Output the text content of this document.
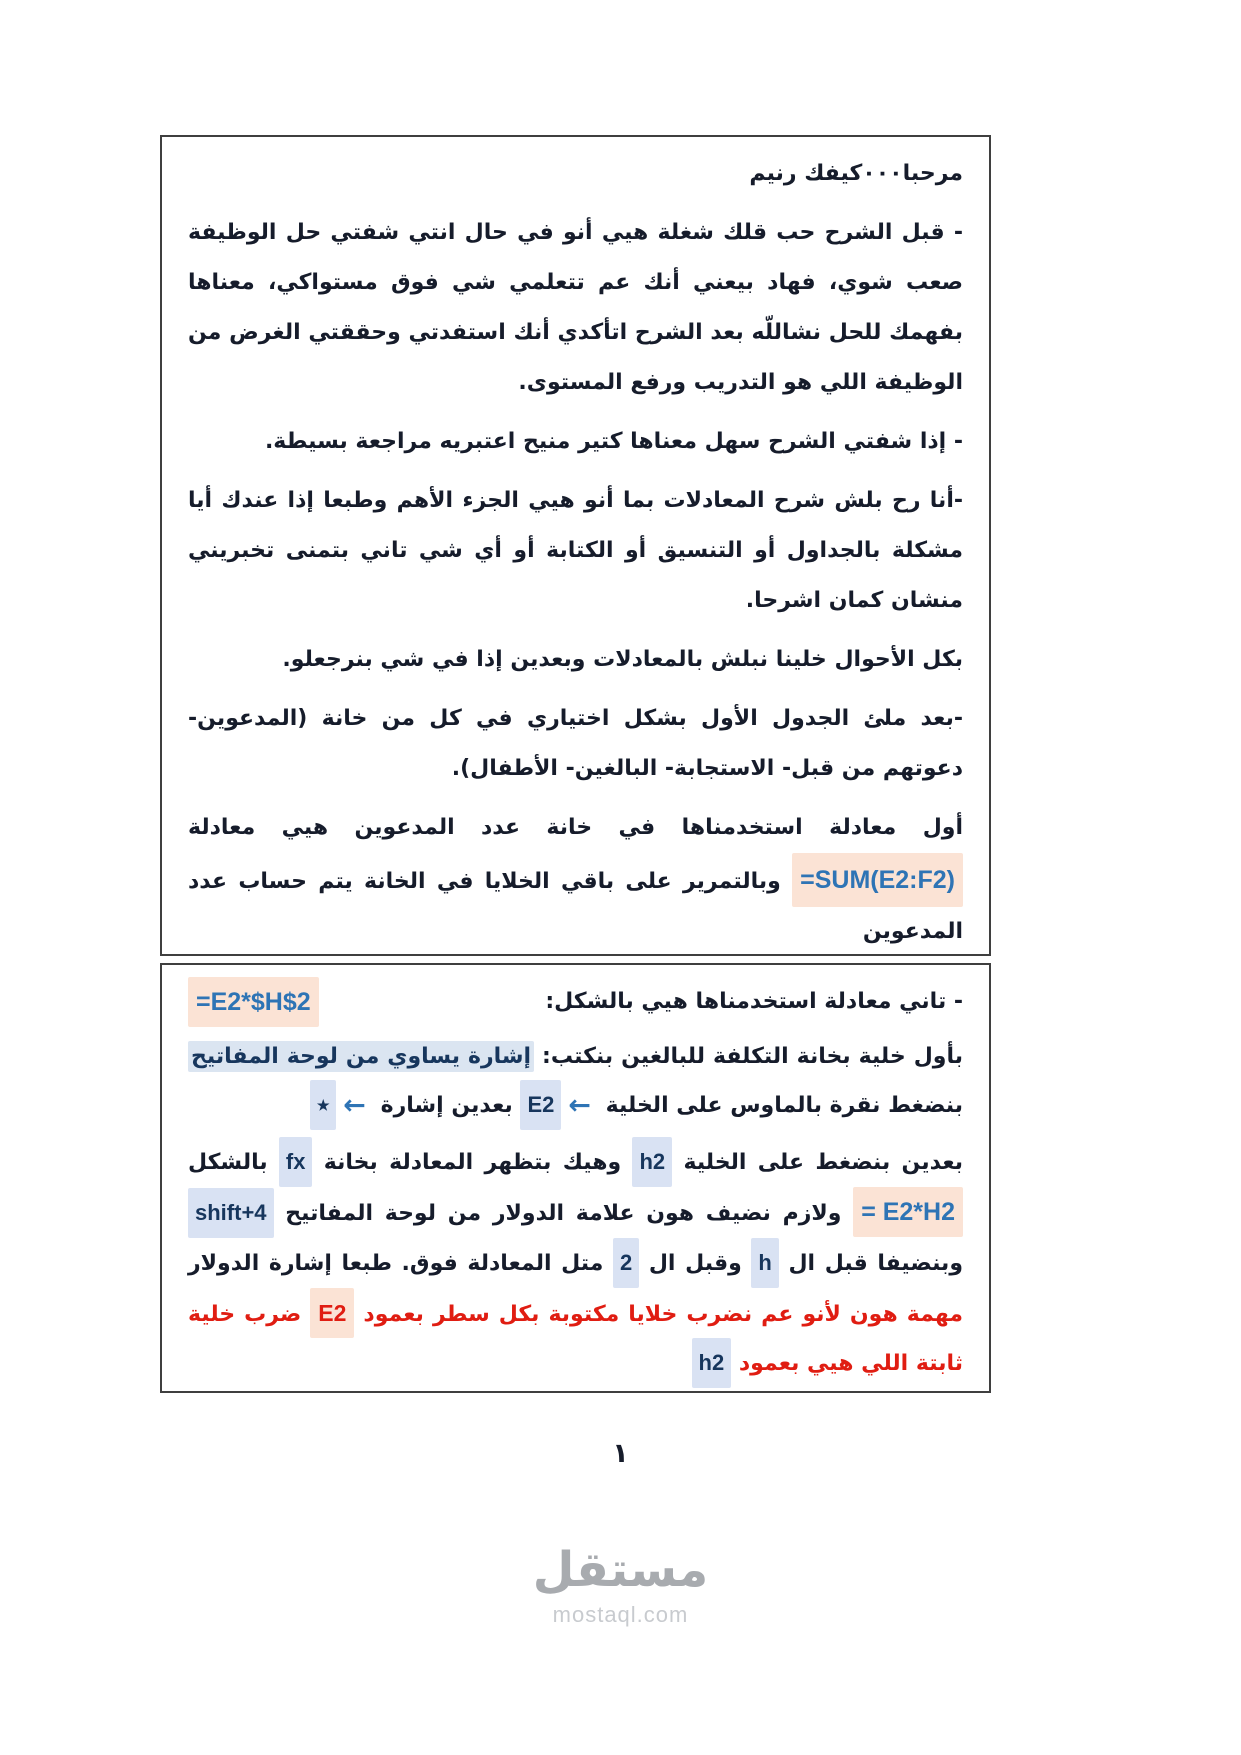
مرحبا٠٠٠كيفك رنيم

- قبل الشرح حب قلك شغلة هيي أنو في حال انتي شفتي حل الوظيفة صعب شوي، فهاد بيعني أنك عم تتعلمي شي فوق مستواكي، معناها بفهمك للحل نشاللّه بعد الشرح اتأكدي أنك استفدتي وحققتي الغرض من الوظيفة اللي هو التدريب ورفع المستوى.

- إذا شفتي الشرح سهل معناها كتير منيح اعتبريه مراجعة بسيطة.

-أنا رح بلش شرح المعادلات بما أنو هيي الجزء الأهم وطبعا إذا عندك أيا مشكلة بالجداول أو التنسيق أو الكتابة أو أي شي تاني بتمنى تخبريني منشان كمان اشرحا.

بكل الأحوال خلينا نبلش بالمعادلات وبعدين إذا في شي بنرجعلو.

-بعد ملئ الجدول الأول بشكل اختياري في كل من خانة (المدعوين- دعوتهم من قبل- الاستجابة- البالغين- الأطفال).

أول معادلة استخدمناها في خانة عدد المدعوين هيي معادلة =SUM(E2:F2) وبالتمرير على باقي الخلايا في الخانة يتم حساب عدد المدعوين

- تاني معادلة استخدمناها هيي بالشكل:
=E2*$H$2

بأول خلية بخانة التكلفة للبالغين بنكتب: إشارة يساوي من لوحة المفاتيح بنضغط نقرة بالماوس على الخلية ←E2 بعدين إشارة ←٭

بعدين بنضغط على الخلية h2 وهيك بتظهر المعادلة بخانة fx بالشكل = E2*H2 ولازم نضيف هون علامة الدولار من لوحة المفاتيح shift+4 وبنضيفا قبل ال h وقبل ال 2 متل المعادلة فوق. طبعا إشارة الدولار مهمة هون لأنو عم نضرب خلايا مكتوبة بكل سطر بعمود E2 ضرب خلية ثابتة اللي هيي بعمود h2

١
مستقل
mostaql.com
